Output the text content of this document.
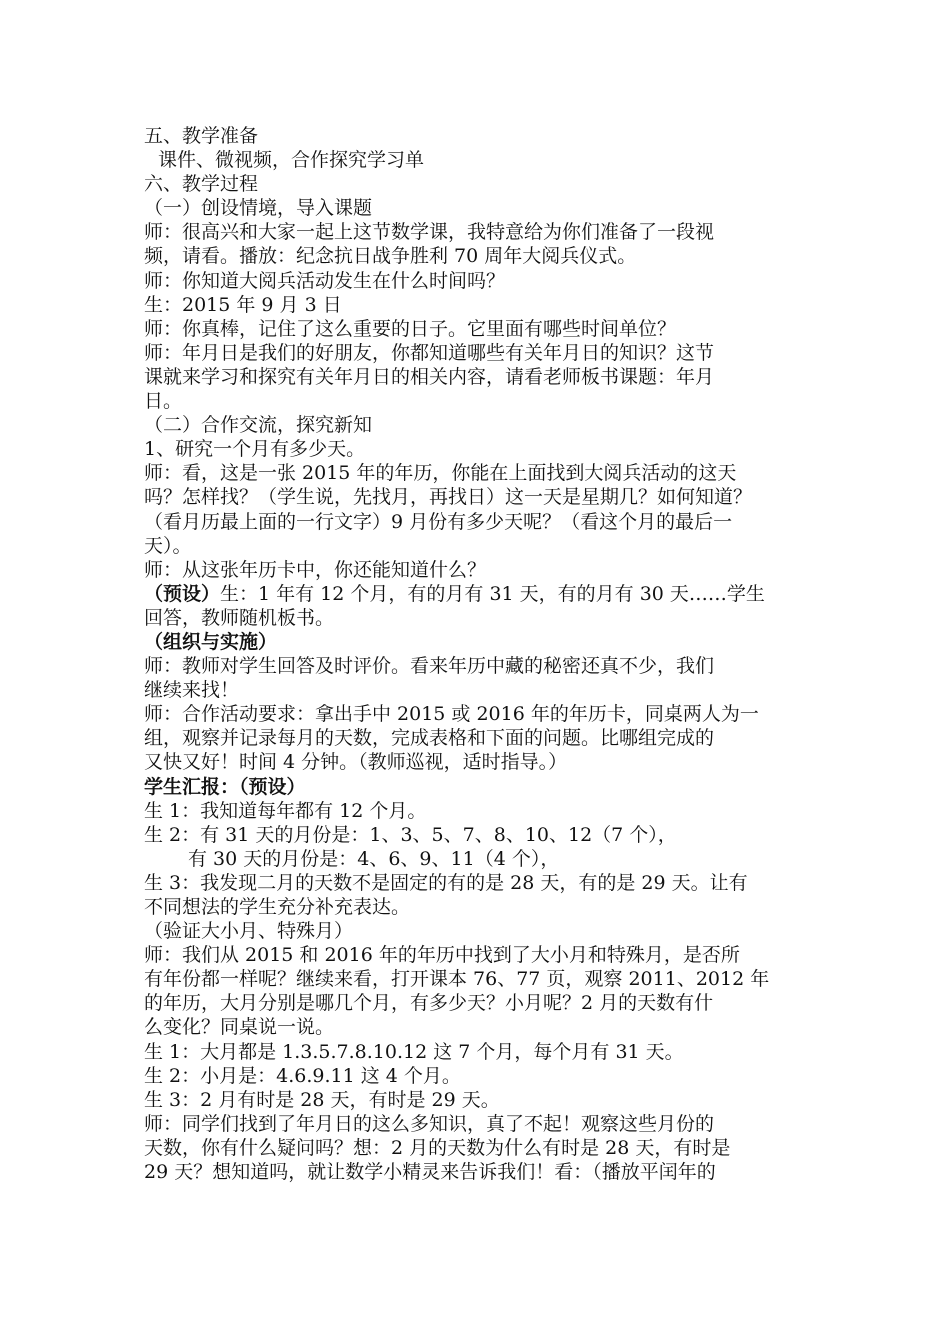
五、教学准备
课件、微视频，合作探究学习单
六、教学过程
（一）创设情境，导入课题
师：很高兴和大家一起上这节数学课，我特意给为你们准备了一段视
频，请看。播放：纪念抗日战争胜利 70 周年大阅兵仪式。
师：你知道大阅兵活动发生在什么时间吗？
生：2015 年 9 月 3 日
师：你真棒，记住了这么重要的日子。它里面有哪些时间单位？
师：年月日是我们的好朋友，你都知道哪些有关年月日的知识？这节
课就来学习和探究有关年月日的相关内容，请看老师板书课题：年月
日。
（二）合作交流，探究新知
1、研究一个月有多少天。
师：看，这是一张 2015 年的年历，你能在上面找到大阅兵活动的这天
吗？怎样找？（学生说，先找月，再找日）这一天是星期几？如何知道？
（看月历最上面的一行文字）9 月份有多少天呢？（看这个月的最后一
天）。
师：从这张年历卡中，你还能知道什么？
（预设）生：1 年有 12 个月，有的月有 31 天，有的月有 30 天……学生
回答，教师随机板书。
（组织与实施）
师：教师对学生回答及时评价。看来年历中藏的秘密还真不少，我们
继续来找！
师：合作活动要求：拿出手中 2015 或 2016 年的年历卡，同桌两人为一
组，观察并记录每月的天数，完成表格和下面的问题。比哪组完成的
又快又好！时间 4 分钟。（教师巡视，适时指导。）
学生汇报：（预设）
生 1：我知道每年都有 12 个月。
生 2：有 31 天的月份是：1、3、5、7、8、10、12（7 个），
有 30 天的月份是：4、6、9、11（4 个），
生 3：我发现二月的天数不是固定的有的是 28 天，有的是 29 天。让有
不同想法的学生充分补充表达。
（验证大小月、特殊月）
师：我们从 2015 和 2016 年的年历中找到了大小月和特殊月，是否所
有年份都一样呢？继续来看，打开课本 76、77 页，观察 2011、2012 年
的年历，大月分别是哪几个月，有多少天？小月呢？2 月的天数有什
么变化？同桌说一说。
生 1：大月都是 1.3.5.7.8.10.12 这 7 个月，每个月有 31 天。
生 2：小月是：4.6.9.11 这 4 个月。
生 3：2 月有时是 28 天，有时是 29 天。
师：同学们找到了年月日的这么多知识，真了不起！观察这些月份的
天数，你有什么疑问吗？想：2 月的天数为什么有时是 28 天，有时是
29 天？想知道吗，就让数学小精灵来告诉我们！看：（播放平闰年的
